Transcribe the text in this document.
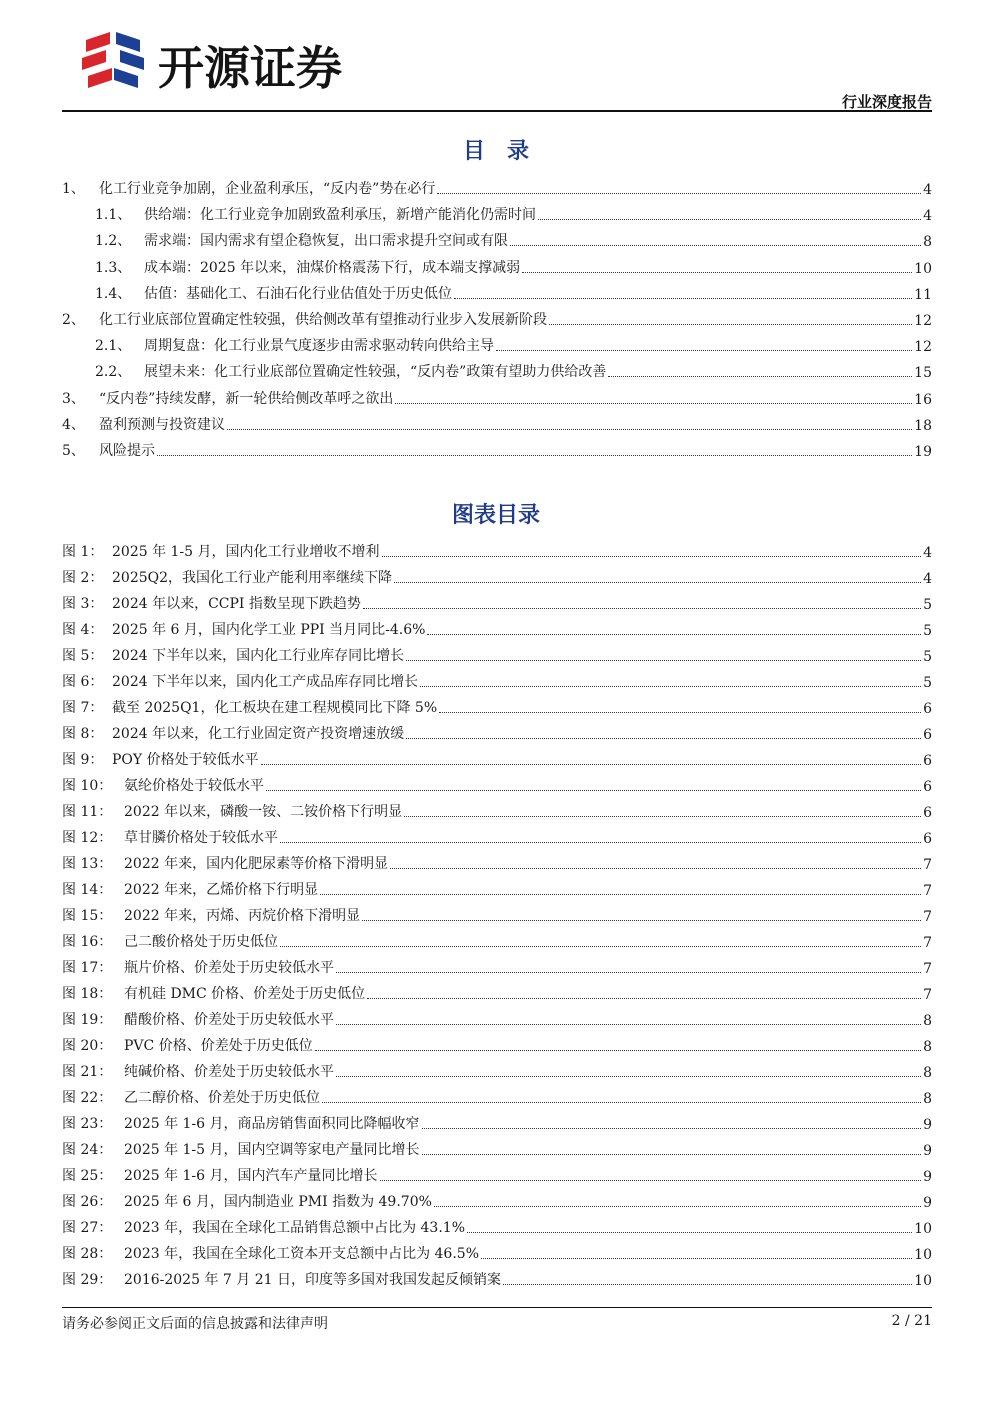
开源证券
行业深度报告
目　录
1、	化工行业竞争加剧，企业盈利承压，“反内卷”势在必行	4
1.1、 供给端：化工行业竞争加剧致盈利承压，新增产能消化仍需时间	4
1.2、 需求端：国内需求有望企稳恢复，出口需求提升空间或有限	8
1.3、 成本端：2025 年以来，油煤价格震荡下行，成本端支撑减弱	10
1.4、 估值：基础化工、石油石化行业估值处于历史低位	11
2、	化工行业底部位置确定性较强，供给侧改革有望推动行业步入发展新阶段	12
2.1、 周期复盘：化工行业景气度逐步由需求驱动转向供给主导	12
2.2、 展望未来：化工行业底部位置确定性较强，“反内卷”政策有望助力供给改善	15
3、	“反内卷”持续发酵，新一轮供给侧改革呼之欲出	16
4、	盈利预测与投资建议	18
5、	风险提示	19
图表目录
图 1： 2025 年 1-5 月，国内化工行业增收不增利	4
图 2： 2025Q2，我国化工行业产能利用率继续下降	4
图 3： 2024 年以来，CCPI 指数呈现下跌趋势	5
图 4： 2025 年 6 月，国内化学工业 PPI 当月同比-4.6%	5
图 5： 2024 下半年以来，国内化工行业库存同比增长	5
图 6： 2024 下半年以来，国内化工产成品库存同比增长	5
图 7： 截至 2025Q1，化工板块在建工程规模同比下降 5%	6
图 8： 2024 年以来，化工行业固定资产投资增速放缓	6
图 9： POY 价格处于较低水平	6
图 10： 氨纶价格处于较低水平	6
图 11： 2022 年以来，磷酸一铵、二铵价格下行明显	6
图 12： 草甘膦价格处于较低水平	6
图 13： 2022 年来，国内化肥尿素等价格下滑明显	7
图 14： 2022 年来，乙烯价格下行明显	7
图 15： 2022 年来，丙烯、丙烷价格下滑明显	7
图 16： 己二酸价格处于历史低位	7
图 17： 瓶片价格、价差处于历史较低水平	7
图 18： 有机硅 DMC 价格、价差处于历史低位	7
图 19： 醋酸价格、价差处于历史较低水平	8
图 20： PVC 价格、价差处于历史低位	8
图 21： 纯碱价格、价差处于历史较低水平	8
图 22： 乙二醇价格、价差处于历史低位	8
图 23： 2025 年 1-6 月，商品房销售面积同比降幅收窄	9
图 24： 2025 年 1-5 月，国内空调等家电产量同比增长	9
图 25： 2025 年 1-6 月，国内汽车产量同比增长	9
图 26： 2025 年 6 月，国内制造业 PMI 指数为 49.70%	9
图 27： 2023 年，我国在全球化工品销售总额中占比为 43.1%	10
图 28： 2023 年，我国在全球化工资本开支总额中占比为 46.5%	10
图 29： 2016-2025 年 7 月 21 日，印度等多国对我国发起反倾销案	10
请务必参阅正文后面的信息披露和法律声明	2 / 21
